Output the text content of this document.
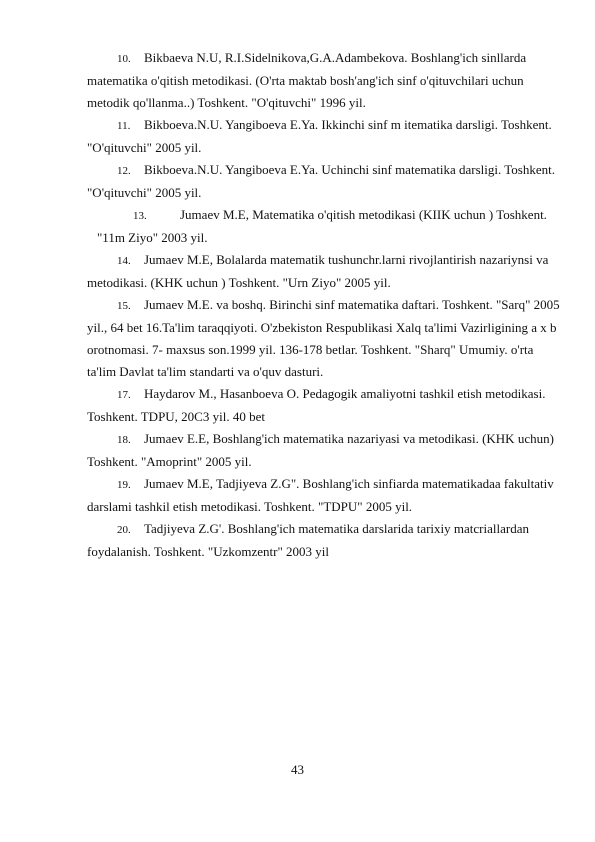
10. Bikbaeva N.U, R.I.Sidelnikova,G.A.Adambekova. Boshlang'ich sinllarda matematika o'qitish metodikasi. (O'rta maktab bosh'ang'ich sinf o'qituvchilari uchun metodik qo'llanma..) Toshkent. "O'qituvchi" 1996 yil.

11. Bikboeva.N.U. Yangiboeva E.Ya. Ikkinchi sinf m itematika darsligi. Toshkent. "O'qituvchi" 2005 yil.

12. Bikboeva.N.U. Yangiboeva E.Ya. Uchinchi sinf matematika darsligi. Toshkent. "O'qituvchi" 2005 yil.

13.	Jumaev M.E, Matematika o'qitish metodikasi (KIIK uchun ) Toshkent. "11m Ziyo" 2003 yil.

14. Jumaev M.E, Bolalarda matematik tushunchr.larni rivojlantirish nazariynsi va metodikasi. (KHK uchun ) Toshkent. "Urn Ziyo" 2005 yil.

15. Jumaev M.E. va boshq. Birinchi sinf matematika daftari. Toshkent. "Sarq" 2005 yil., 64 bet 16.Ta'lim taraqqiyoti. O'zbekiston Respublikasi Xalq ta'limi Vazirligining a x b orotnomasi. 7- maxsus son.1999 yil. 136-178 betlar. Toshkent. "Sharq" Umumiy. o'rta ta'lim Davlat ta'lim standarti va o'quv dasturi.

17. Haydarov M., Hasanboeva O. Pedagogik amaliyotni tashkil etish metodikasi. Toshkent. TDPU, 20C3 yil. 40 bet

18. Jumaev E.E, Boshlang'ich matematika nazariyasi va metodikasi. (KHK uchun) Toshkent. "Amoprint" 2005 yil.

19. Jumaev M.E, Tadjiyeva Z.G". Boshlang'ich sinfiarda matematikadaa fakultativ darslami tashkil etish metodikasi. Toshkent. "TDPU" 2005 yil.

20. Tadjiyeva Z.G'. Boshlang'ich matematika darslarida tarixiy matcriallardan foydalanish. Toshkent. "Uzkomzentr" 2003 yil

43
